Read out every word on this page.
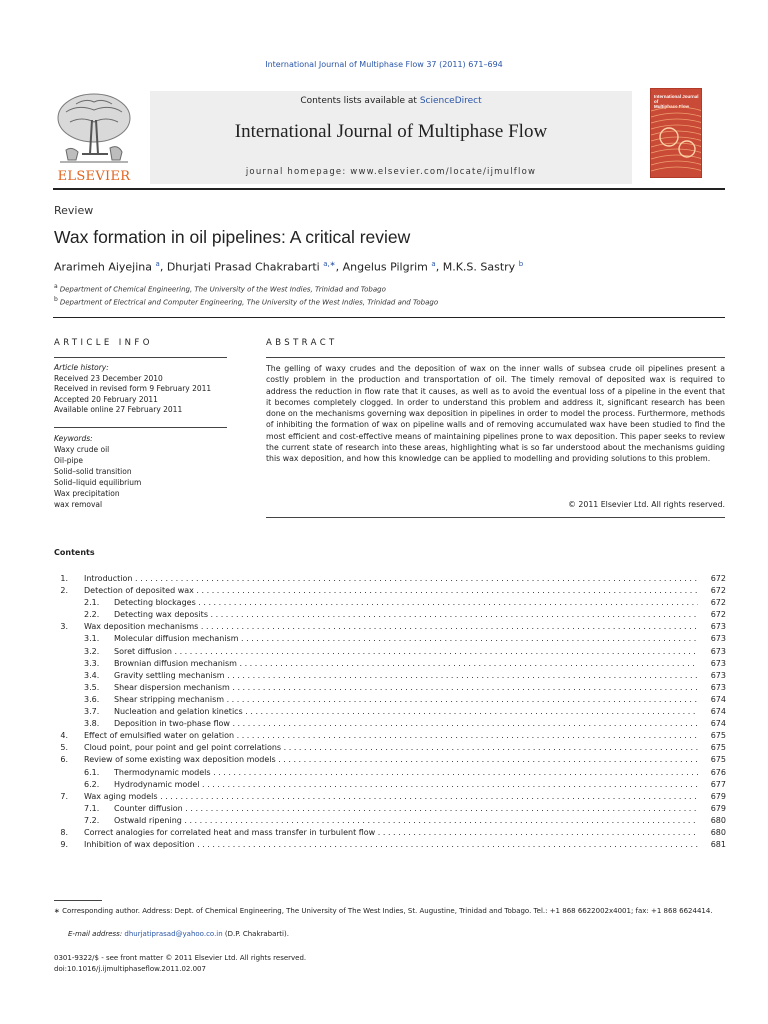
International Journal of Multiphase Flow 37 (2011) 671–694
ELSEVIER
Contents lists available at ScienceDirect
International Journal of Multiphase Flow
journal homepage: www.elsevier.com/locate/ijmulflow
International Journal of
Multiphase Flow
Review
Wax formation in oil pipelines: A critical review
Ararimeh Aiyejina $^a$, Dhurjati Prasad Chakrabarti $^{a,∗}$, Angelus Pilgrim $^a$, M.K.S. Sastry $^b$
a Department of Chemical Engineering, The University of the West Indies, Trinidad and Tobago
b Department of Electrical and Computer Engineering, The University of the West Indies, Trinidad and Tobago
ARTICLE INFO	ABSTRACT
Article history:
Received 23 December 2010
Received in revised form 9 February 2011
Accepted 20 February 2011
Available online 27 February 2011
Keywords:
Waxy crude oil
Oil-pipe
Solid–solid transition
Solid–liquid equilibrium
Wax precipitation
wax removal
The gelling of waxy crudes and the deposition of wax on the inner walls of subsea crude oil pipelines present a costly problem in the production and transportation of oil. The timely removal of deposited wax is required to address the reduction in flow rate that it causes, as well as to avoid the eventual loss of a pipeline in the event that it becomes completely clogged. In order to understand this problem and address it, significant research has been done on the mechanisms governing wax deposition in pipelines in order to model the process. Furthermore, methods of inhibiting the formation of wax on pipeline walls and of removing accumulated wax have been studied to find the most efficient and cost-effective means of maintaining pipelines prone to wax deposition. This paper seeks to review the current state of research into these areas, highlighting what is so far understood about the mechanisms guiding this wax deposition, and how this knowledge can be applied to modelling and providing solutions to this problem.
© 2011 Elsevier Ltd. All rights reserved.
Contents
1. Introduction . . .	672
2. Detection of deposited wax . . .	672
2.1.	Detecting blockages . . .	672
2.2.	Detecting wax deposits . . .	672
3. Wax deposition mechanisms . . .	673
3.1.	Molecular diffusion mechanism . . .	673
3.2.	Soret diffusion . . .	673
3.3.	Brownian diffusion mechanism . . .	673
3.4.	Gravity settling mechanism . . .	673
3.5.	Shear dispersion mechanism . . .	673
3.6.	Shear stripping mechanism . . .	674
3.7.	Nucleation and gelation kinetics . . .	674
3.8.	Deposition in two-phase flow . . .	674
4. Effect of emulsified water on gelation . . .	675
5. Cloud point, pour point and gel point correlations . . .	675
6. Review of some existing wax deposition models . . .	675
6.1.	Thermodynamic models . . .	676
6.2.	Hydrodynamic model . . .	677
7. Wax aging models . . .	679
7.1.	Counter diffusion . . .	679
7.2.	Ostwald ripening . . .	680
8. Correct analogies for correlated heat and mass transfer in turbulent flow . . .	680
9. Inhibition of wax deposition . . .	681
∗ Corresponding author. Address: Dept. of Chemical Engineering, The University of The West Indies, St. Augustine, Trinidad and Tobago. Tel.: +1 868 6622002x4001; fax: +1 868 6624414.
E-mail address: dhurjatiprasad@yahoo.co.in (D.P. Chakrabarti).
0301-9322/$ - see front matter © 2011 Elsevier Ltd. All rights reserved.
doi:10.1016/j.ijmultiphaseflow.2011.02.007
